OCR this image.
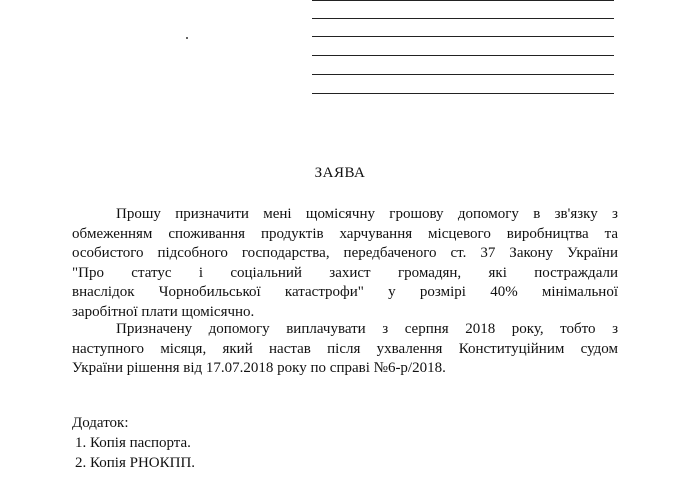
ЗАЯВА
Прошу призначити мені щомісячну грошову допомогу в зв'язку з
обмеженням споживання продуктів харчування місцевого виробництва та
особистого підсобного господарства, передбаченого ст. 37 Закону України
"Про статус і соціальний захист громадян, які постраждали
внаслідок Чорнобильської катастрофи" у розмірі 40% мінімальної
заробітної плати щомісячно.
Призначену допомогу виплачувати з серпня 2018 року, тобто з
наступного місяця, який настав після ухвалення Конституційним судом
України рішення від 17.07.2018 року по справі №6-р/2018.
Додаток:
1. Копія паспорта.
2. Копія РНОКПП.
